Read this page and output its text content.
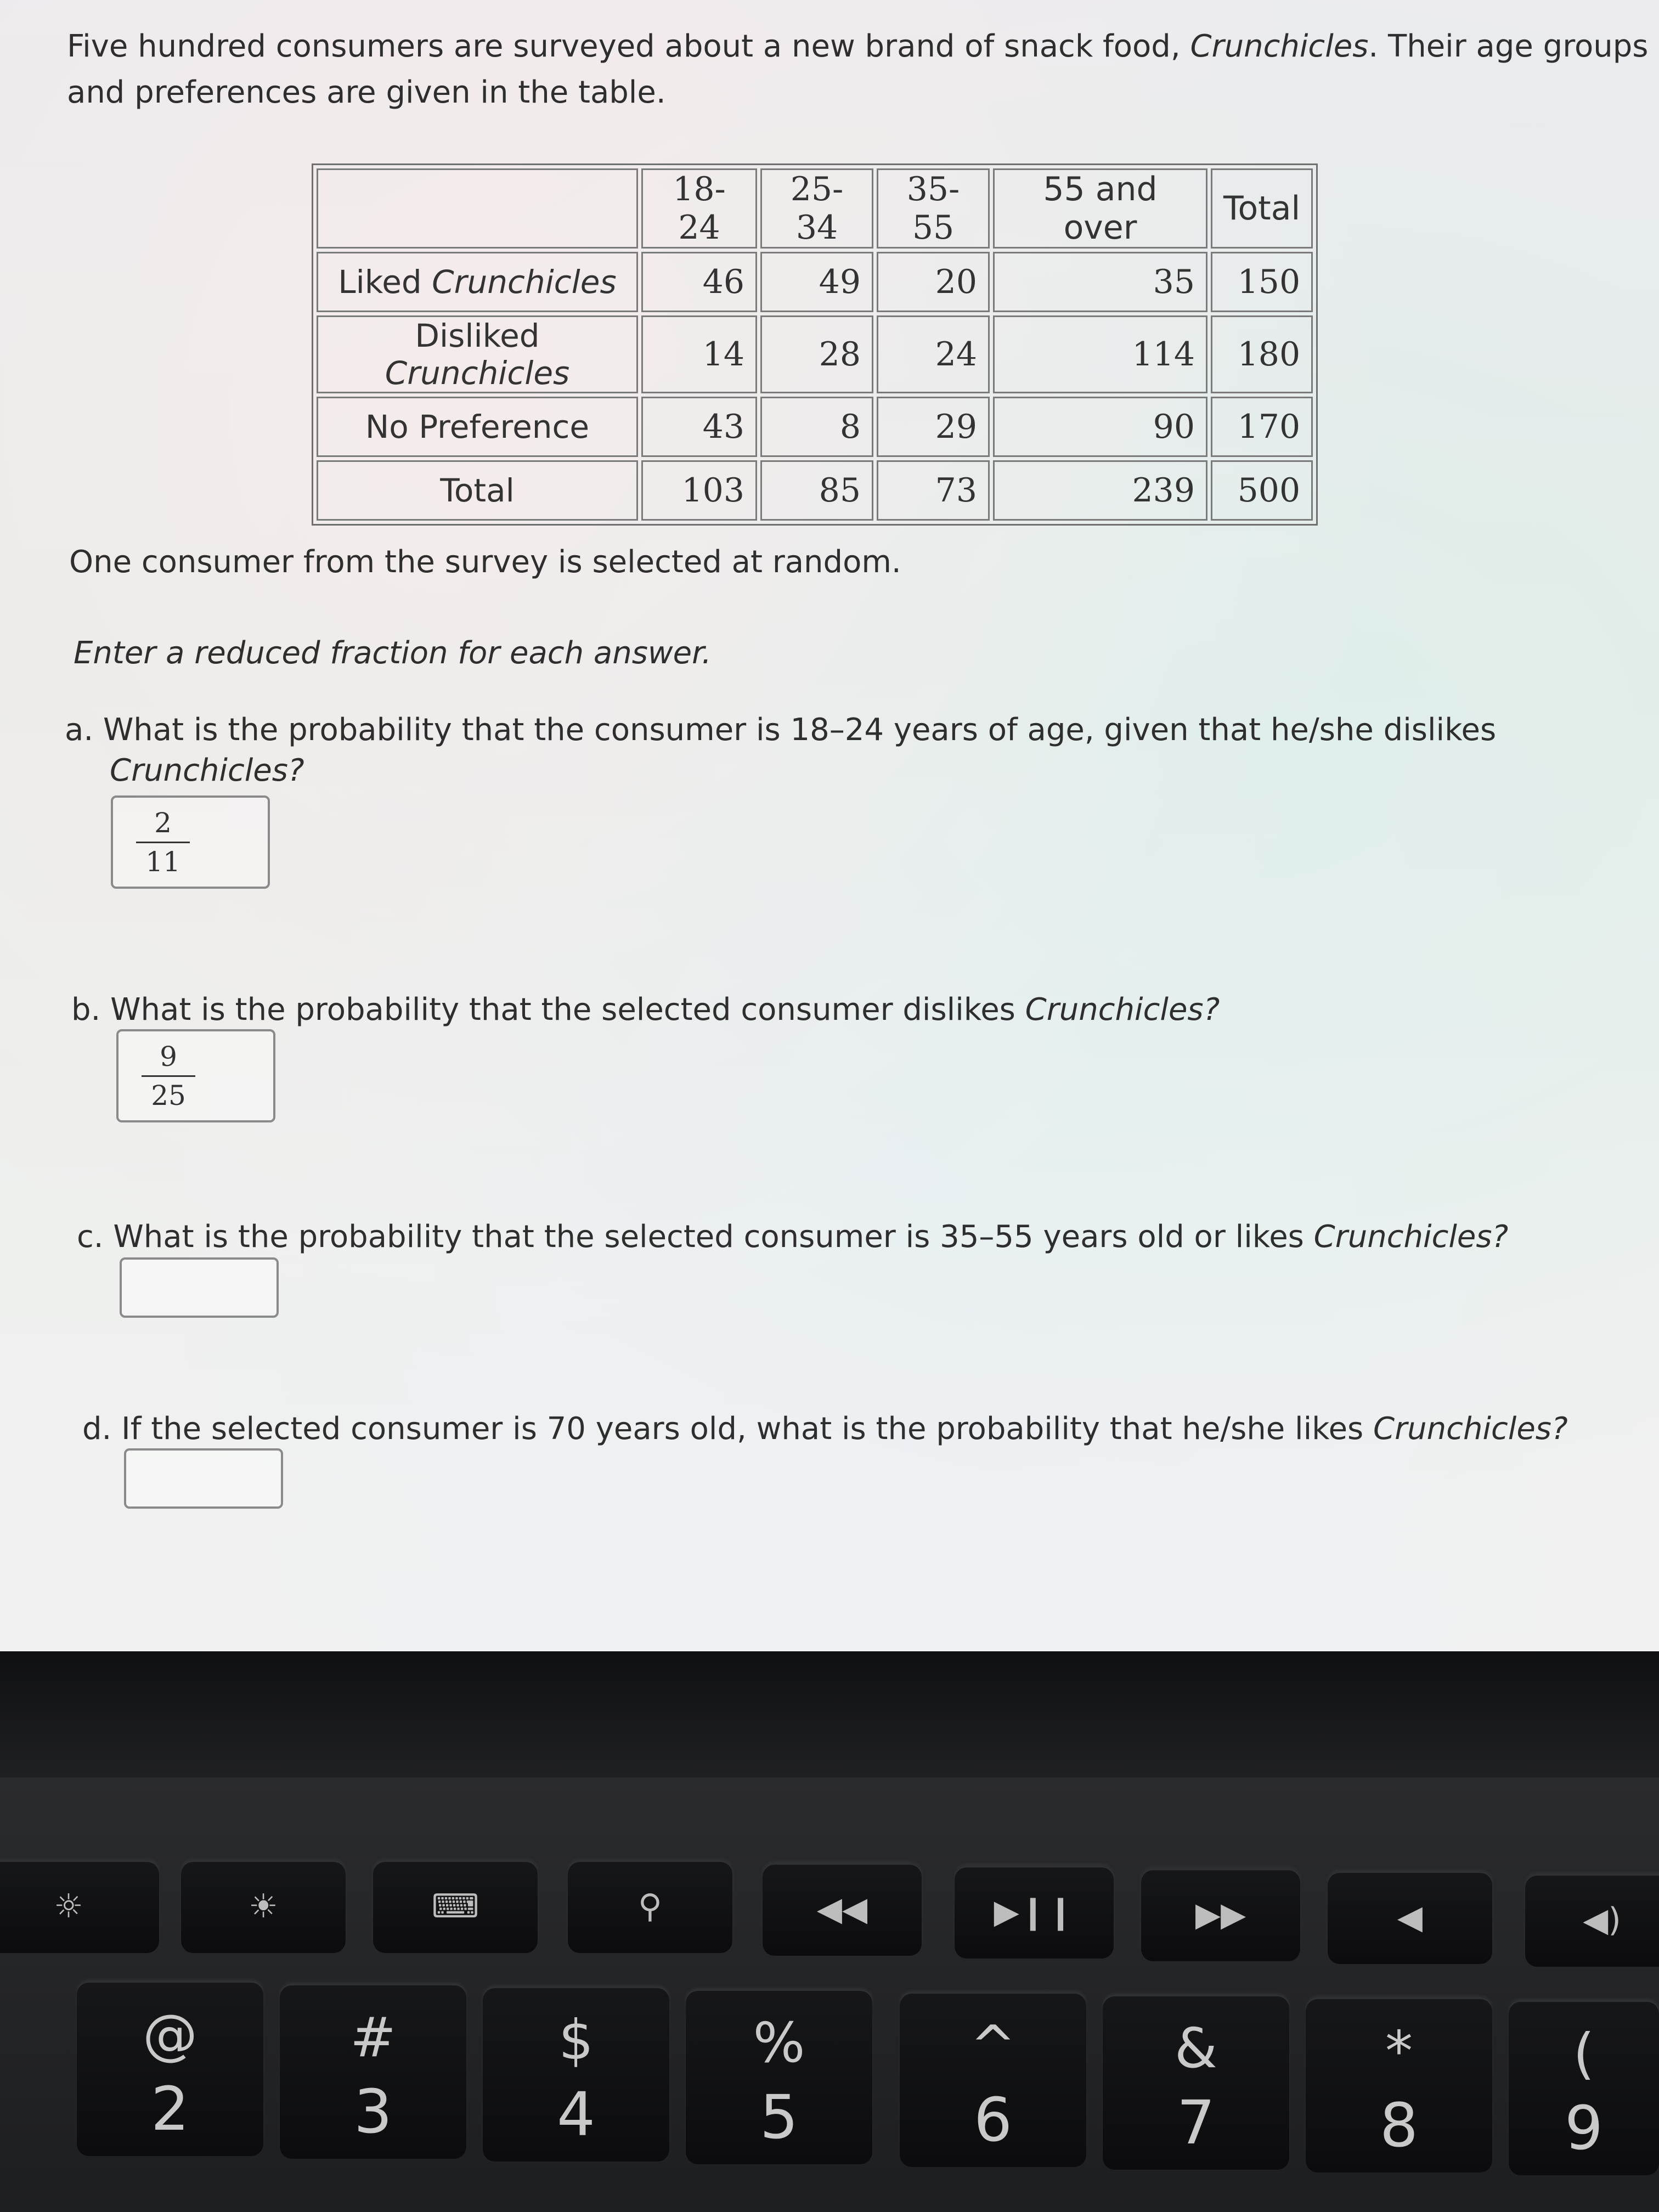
Five hundred consumers are surveyed about a new brand of snack food, Crunchicles. Their age groups
and preferences are given in the table.
	18-24	25-34	35-55	55 and over	Total
Liked Crunchicles	46	49	20	35	150
Disliked Crunchicles	14	28	24	114	180
No Preference	43	8	29	90	170
Total	103	85	73	239	500
One consumer from the survey is selected at random.
Enter a reduced fraction for each answer.
a. What is the probability that the consumer is 18–24 years of age, given that he/she dislikes
Crunchicles?
2
11
b. What is the probability that the selected consumer dislikes Crunchicles?
9
25
c. What is the probability that the selected consumer is 35–55 years old or likes Crunchicles?
d. If the selected consumer is 70 years old, what is the probability that he/she likes Crunchicles?
☼	☀	⌨	⚲	◀◀	▶❙❙	▶▶	◀	◀)
@
2
#
3
$
4
%
5
^
6
&
7
*
8
(
9
